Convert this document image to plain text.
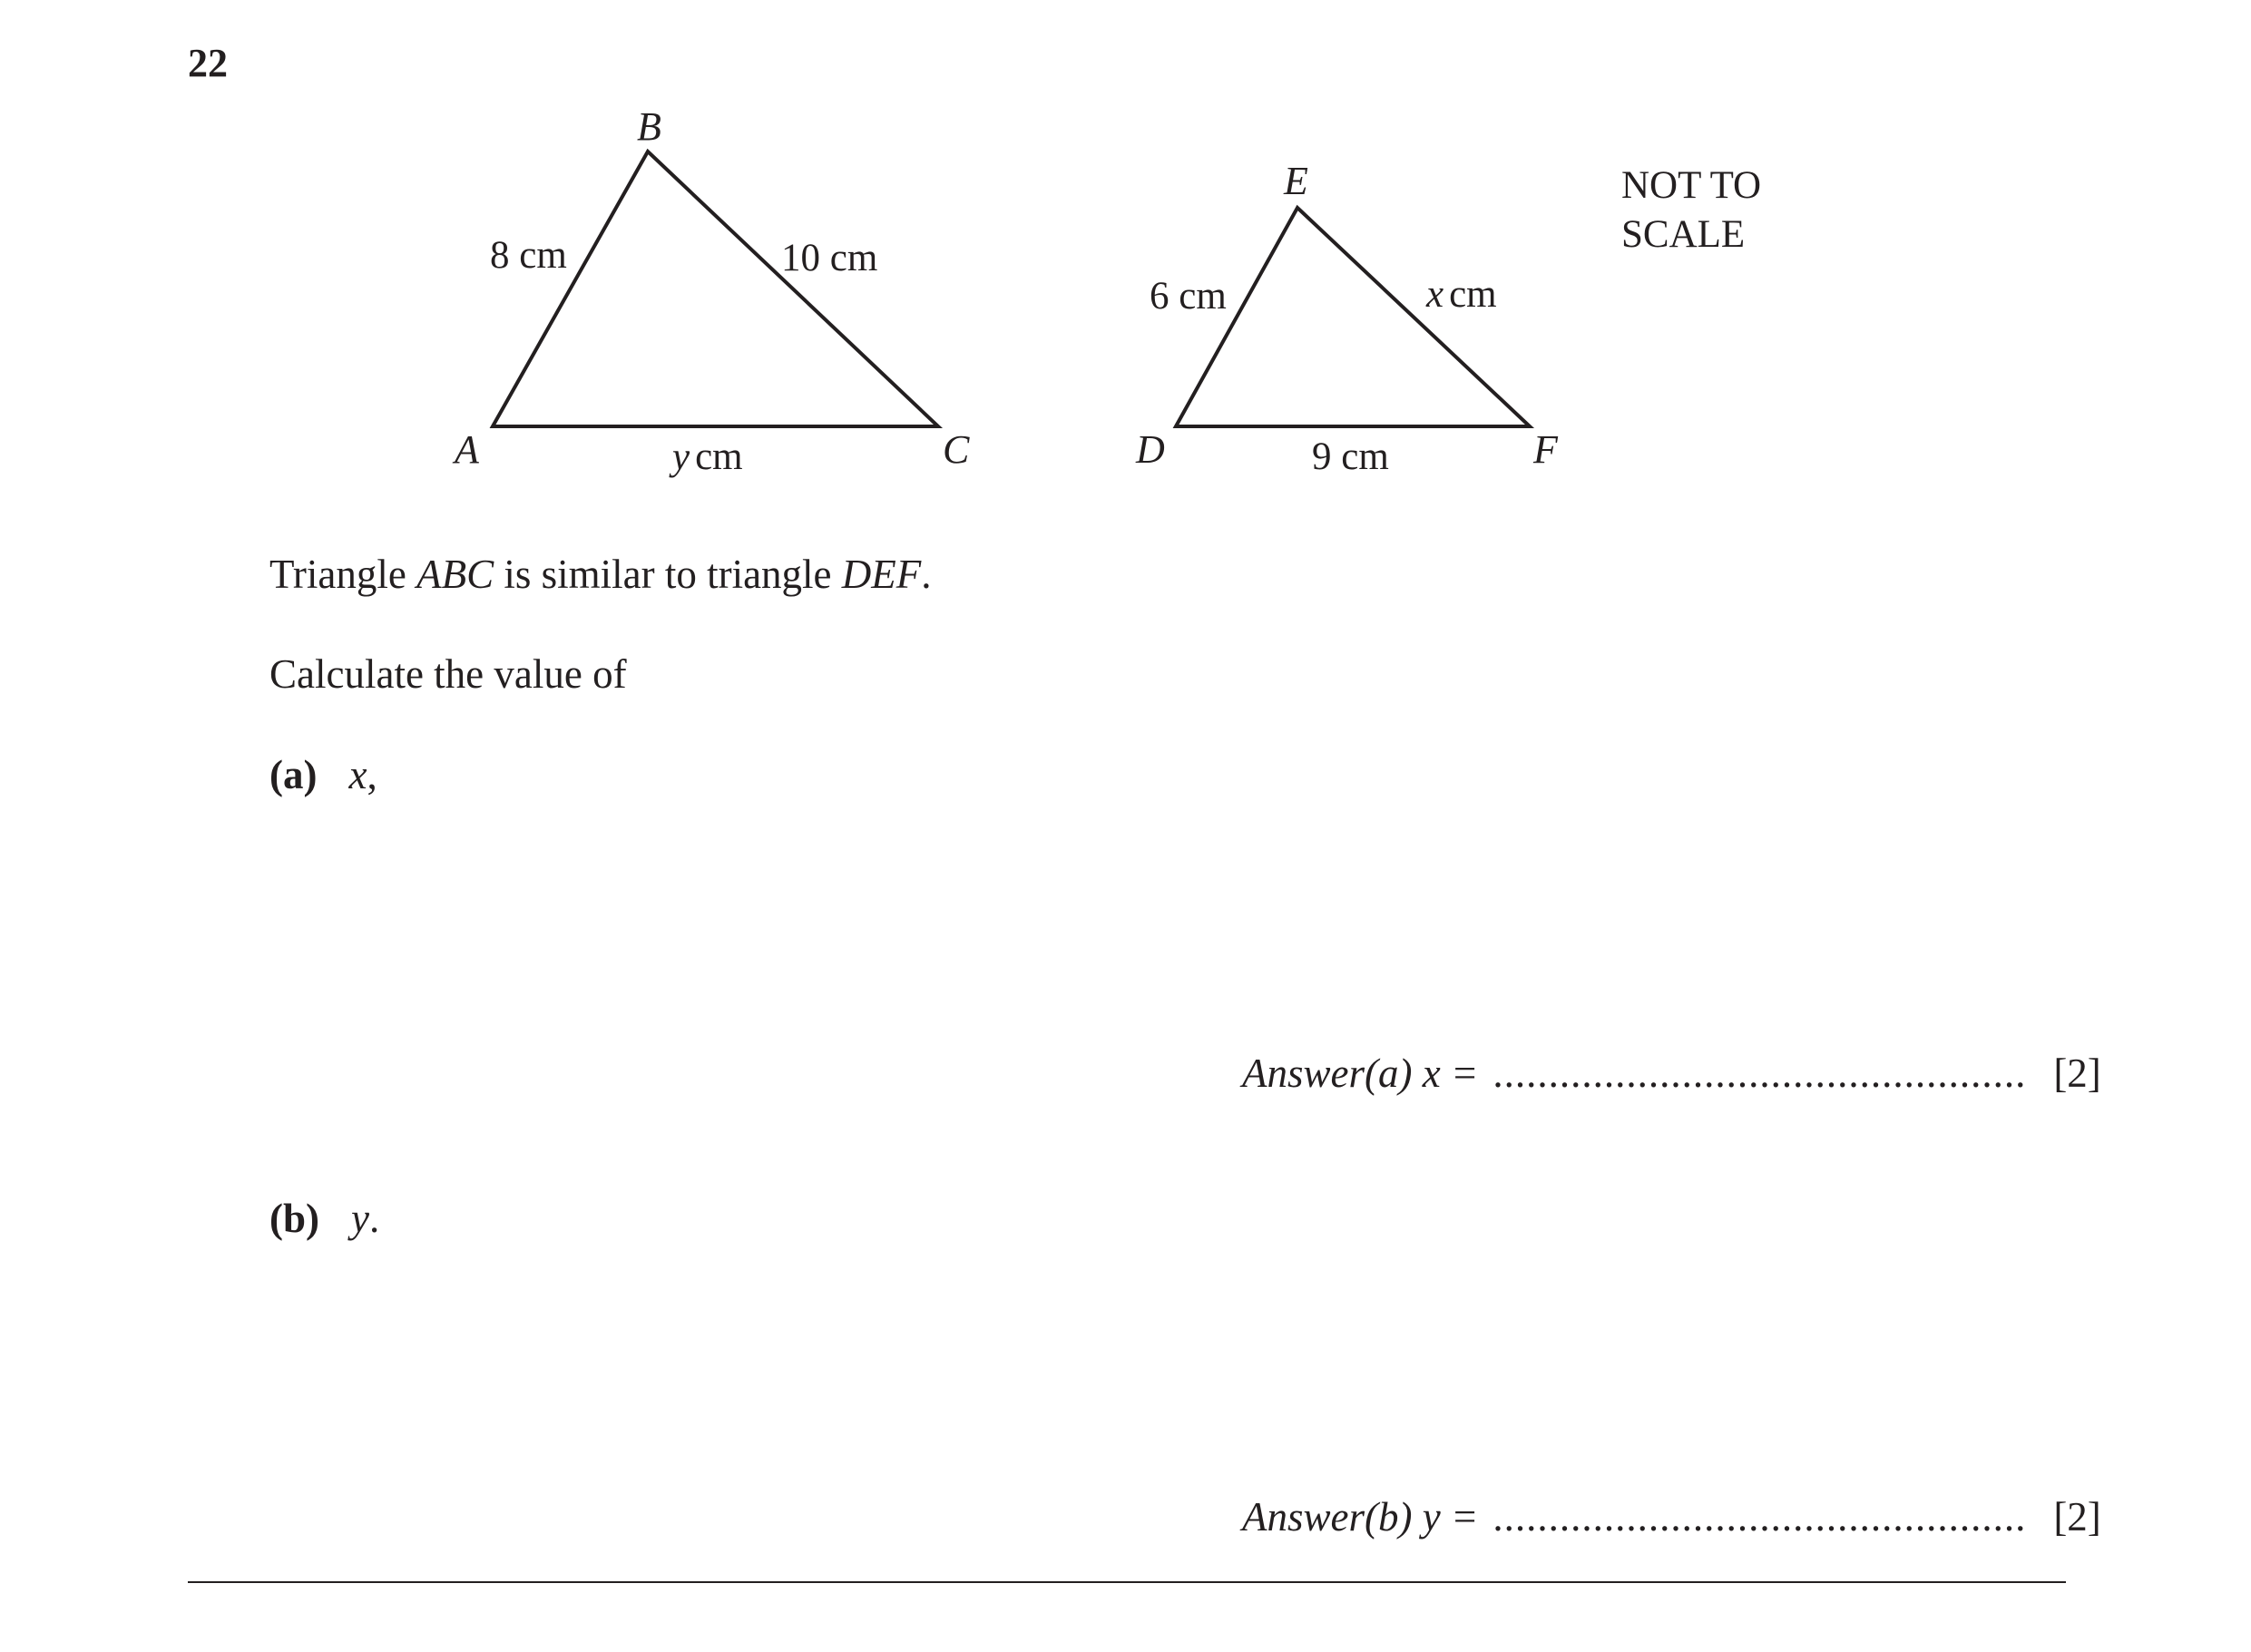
22
B
A	C
8 cm	10 cm
y cm
E
D	F
6 cm	x cm
9 cm
NOT TO
SCALE
Triangle ABC is similar to triangle DEF.
Calculate the value of
(a) x,
Answer(a) x = ................................................ [2]
(b) y.
Answer(b) y = ................................................ [2]
